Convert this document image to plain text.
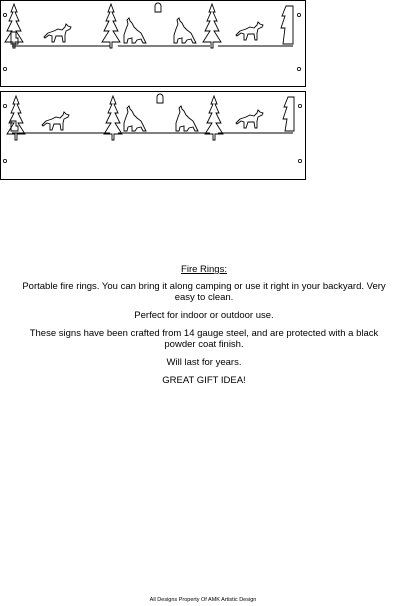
Fire Rings:

Portable fire rings. You can bring it along camping or use it right in your backyard. Very easy to clean.

Perfect for indoor or outdoor use.

These signs have been crafted from 14 gauge steel, and are protected with a black powder coat finish.

Will last for years.

GREAT GIFT IDEA!

All Designs Property Of AMK Artistic Design
